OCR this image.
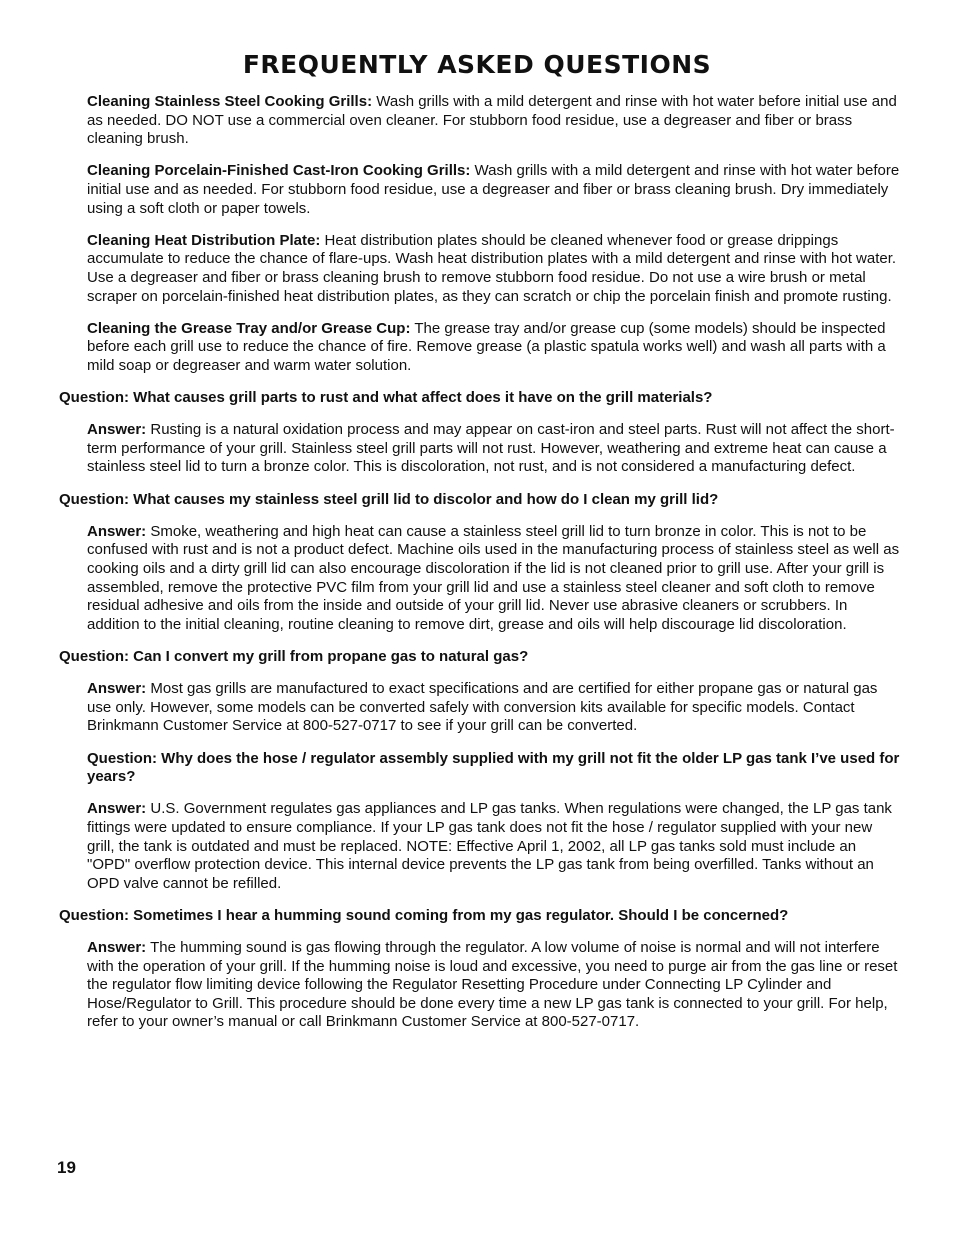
FREQUENTLY ASKED QUESTIONS

Cleaning Stainless Steel Cooking Grills: Wash grills with a mild detergent and rinse with hot water before initial use and as needed. DO NOT use a commercial oven cleaner. For stubborn food residue, use a degreaser and fiber or brass cleaning brush.

Cleaning Porcelain-Finished Cast-Iron Cooking Grills: Wash grills with a mild detergent and rinse with hot water before initial use and as needed. For stubborn food residue, use a degreaser and fiber or brass cleaning brush. Dry immediately using a soft cloth or paper towels.

Cleaning Heat Distribution Plate: Heat distribution plates should be cleaned whenever food or grease drippings accumulate to reduce the chance of flare-ups. Wash heat distribution plates with a mild detergent and rinse with hot water. Use a degreaser and fiber or brass cleaning brush to remove stubborn food residue. Do not use a wire brush or metal scraper on porcelain-finished heat distribution plates, as they can scratch or chip the porcelain finish and promote rusting.

Cleaning the Grease Tray and/or Grease Cup: The grease tray and/or grease cup (some models) should be inspected before each grill use to reduce the chance of fire. Remove grease (a plastic spatula works well) and wash all parts with a mild soap or degreaser and warm water solution.

Question: What causes grill parts to rust and what affect does it have on the grill materials?

Answer: Rusting is a natural oxidation process and may appear on cast-iron and steel parts. Rust will not affect the short-term performance of your grill. Stainless steel grill parts will not rust. However, weathering and extreme heat can cause a stainless steel lid to turn a bronze color. This is discoloration, not rust, and is not considered a manufacturing defect.

Question: What causes my stainless steel grill lid to discolor and how do I clean my grill lid?

Answer: Smoke, weathering and high heat can cause a stainless steel grill lid to turn bronze in color. This is not to be confused with rust and is not a product defect. Machine oils used in the manufacturing process of stainless steel as well as cooking oils and a dirty grill lid can also encourage discoloration if the lid is not cleaned prior to grill use. After your grill is assembled, remove the protective PVC film from your grill lid and use a stainless steel cleaner and soft cloth to remove residual adhesive and oils from the inside and outside of your grill lid. Never use abrasive cleaners or scrubbers. In addition to the initial cleaning, routine cleaning to remove dirt, grease and oils will help discourage lid discoloration.

Question: Can I convert my grill from propane gas to natural gas?

Answer: Most gas grills are manufactured to exact specifications and are certified for either propane gas or natural gas use only. However, some models can be converted safely with conversion kits available for specific models. Contact Brinkmann Customer Service at 800-527-0717 to see if your grill can be converted.

Question: Why does the hose / regulator assembly supplied with my grill not fit the older LP gas tank I’ve used for years?

Answer: U.S. Government regulates gas appliances and LP gas tanks. When regulations were changed, the LP gas tank fittings were updated to ensure compliance. If your LP gas tank does not fit the hose / regulator supplied with your new grill, the tank is outdated and must be replaced. NOTE: Effective April 1, 2002, all LP gas tanks sold must include an "OPD" overflow protection device. This internal device prevents the LP gas tank from being overfilled. Tanks without an OPD valve cannot be refilled.

Question: Sometimes I hear a humming sound coming from my gas regulator. Should I be concerned?

Answer: The humming sound is gas flowing through the regulator. A low volume of noise is normal and will not interfere with the operation of your grill. If the humming noise is loud and excessive, you need to purge air from the gas line or reset the regulator flow limiting device following the Regulator Resetting Procedure under Connecting LP Cylinder and Hose/Regulator to Grill. This procedure should be done every time a new LP gas tank is connected to your grill. For help, refer to your owner’s manual or call Brinkmann Customer Service at 800-527-0717.

19
